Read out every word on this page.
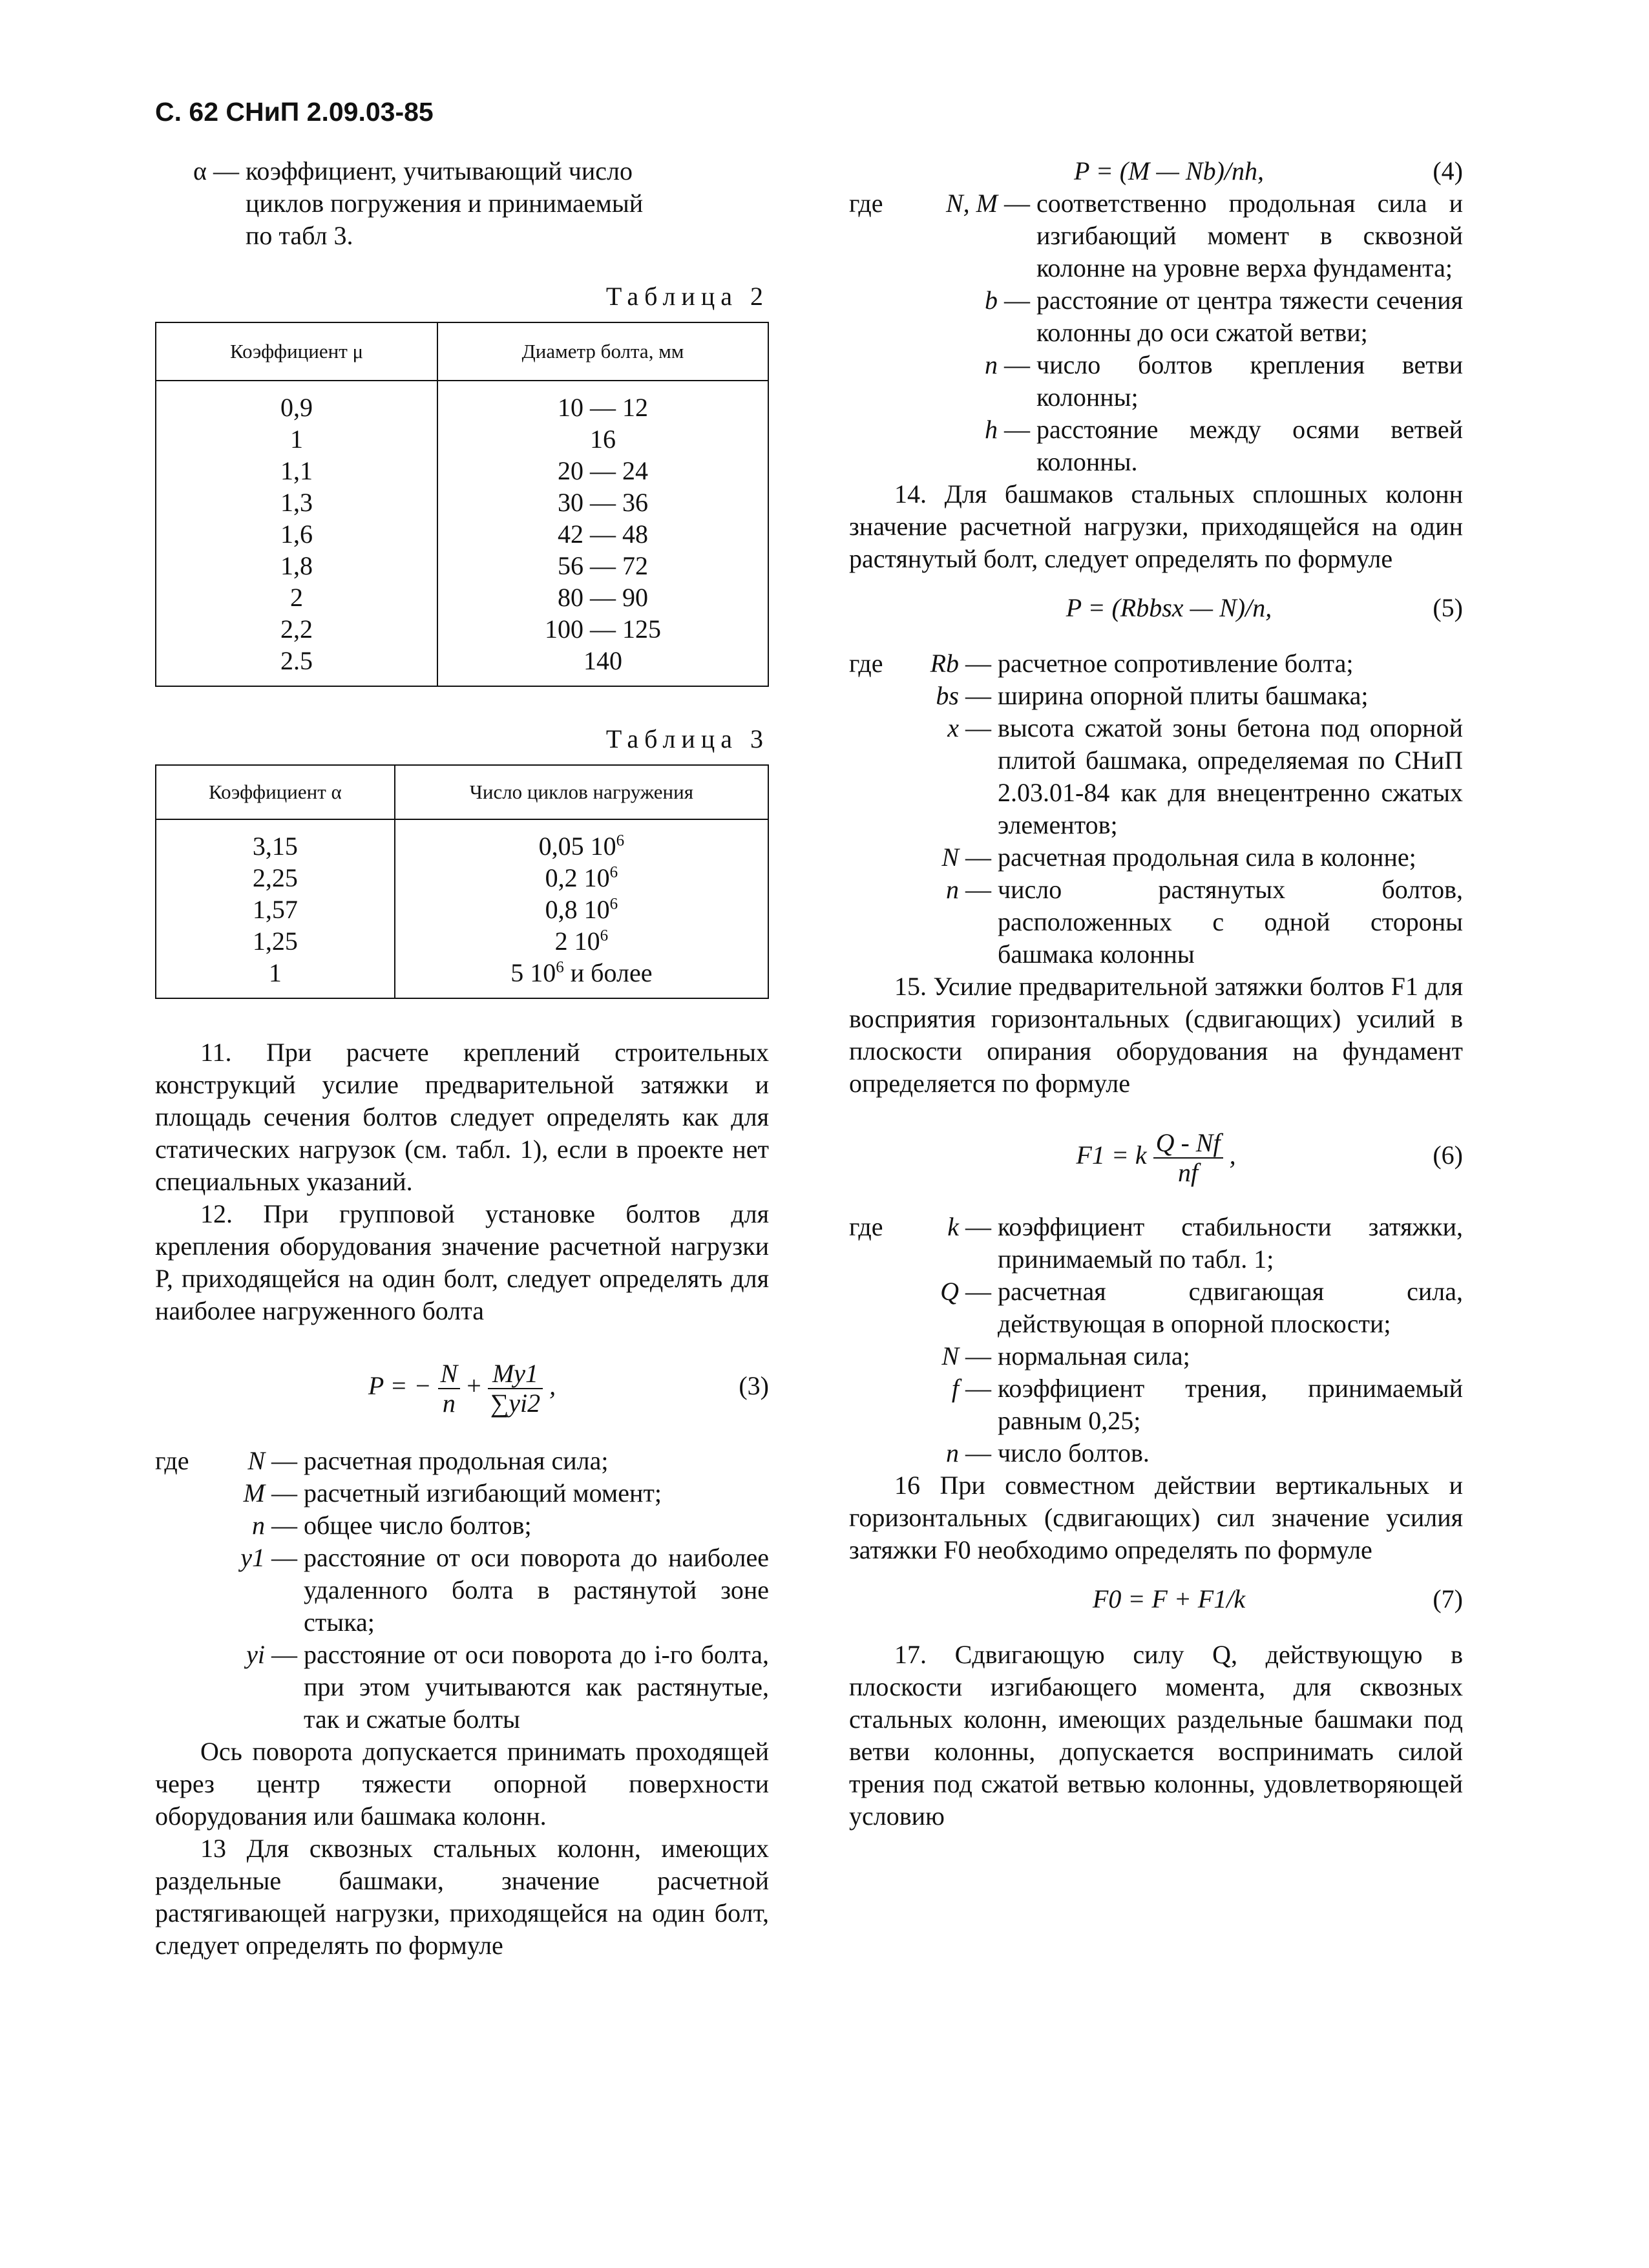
С. 62 СНиП 2.09.03-85
α — коэффициент, учитывающий число циклов погружения и принимаемый по табл 3.
Таблица 2
Коэффициент μ	Диаметр болта, мм
0,9	10 — 12
1	16
1,1	20 — 24
1,3	30 — 36
1,6	42 — 48
1,8	56 — 72
2	80 — 90
2,2	100 — 125
2.5	140
Таблица 3
Коэффициент α	Число циклов нагружения
3,15	0,05 $10^6$
2,25	0,2 $10^6$
1,57	0,8 $10^6$
1,25	2 $10^6$
1	5 $10^6$ и более

11. При расчете креплений строительных конструкций усилие предварительной затяжки и площадь сечения болтов следует определять как для статических нагрузок (см. табл. 1), если в проекте нет специальных указаний.

12. При групповой установке болтов для крепления оборудования значение расчетной нагрузки P, приходящейся на один болт, следует определять для наиболее нагруженного болта

P = − $\frac{N}{n} + \frac{My1}{\sum yi2}$ ,	(3)
где	N — расчетная продольная сила;
M — расчетный изгибающий момент;
n — общее число болтов;
y1 — расстояние от оси поворота до наиболее удаленного болта в растянутой зоне стыка;
yi — расстояние от оси поворота до i-го болта, при этом учитываются как растянутые, так и сжатые болты

Ось поворота допускается принимать проходящей через центр тяжести опорной поверхности оборудования или башмака колонн.

13 Для сквозных стальных колонн, имеющих раздельные башмаки, значение расчетной растягивающей нагрузки, приходящейся на один болт, следует определять по формуле

P = (M — Nb)/nh,	(4)
где	N, M — соответственно продольная сила и изгибающий момент в сквозной колонне на уровне верха фундамента;
b — расстояние от центра тяжести сечения колонны до оси сжатой ветви;
n — число болтов крепления ветви колонны;
h — расстояние между осями ветвей колонны.

14. Для башмаков стальных сплошных колонн значение расчетной нагрузки, приходящейся на один растянутый болт, следует определять по формуле

P = (Rbbsx — N)/n,	(5)
где	Rb — расчетное сопротивление болта;
bs — ширина опорной плиты башмака;
x — высота сжатой зоны бетона под опорной плитой башмака, определяемая по СНиП 2.03.01-84 как для внецентренно сжатых элементов;
N — расчетная продольная сила в колонне;
n — число растянутых болтов, расположенных с одной стороны башмака колонны

15. Усилие предварительной затяжки болтов F1 для восприятия горизонтальных (сдвигающих) усилий в плоскости опирания оборудования на фундамент определяется по формуле

F1 = k $\frac{Q - Nf}{nf}$ ,	(6)
где	k — коэффициент стабильности затяжки, принимаемый по табл. 1;
Q — расчетная сдвигающая сила, действующая в опорной плоскости;
N — нормальная сила;
f — коэффициент трения, принимаемый равным 0,25;
n — число болтов.

16 При совместном действии вертикальных и горизонтальных (сдвигающих) сил значение усилия затяжки F0 необходимо определять по формуле

F0 = F + F1/k	(7)

17. Сдвигающую силу Q, действующую в плоскости изгибающего момента, для сквозных стальных колонн, имеющих раздельные башмаки под ветви колонны, допускается воспринимать силой трения под сжатой ветвью колонны, удовлетворяющей условию
